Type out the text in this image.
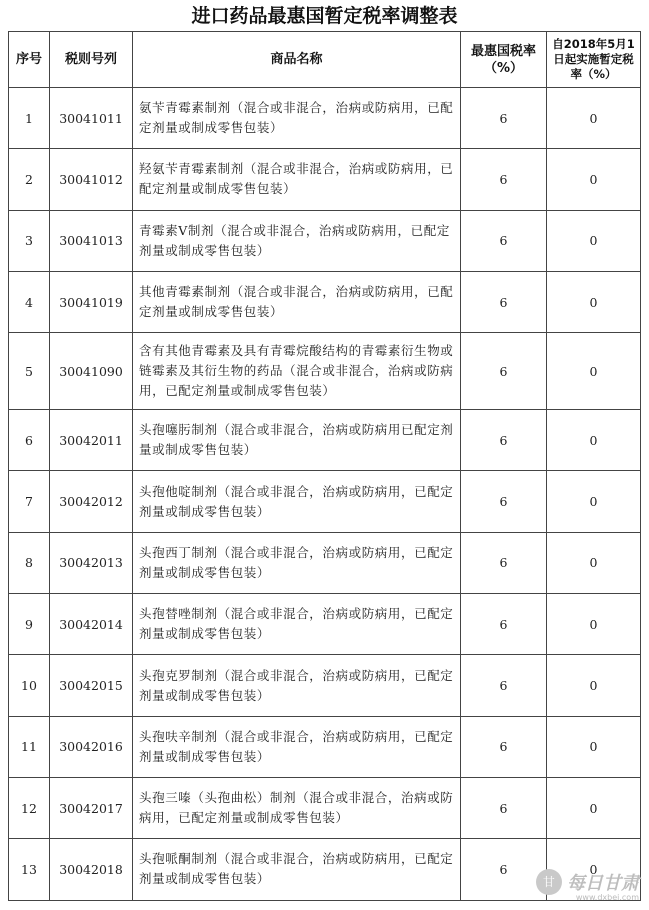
进口药品最惠国暂定税率调整表
序号	税则号列	商品名称	最惠国税率（%）	自2018年5月1日起实施暂定税率（%）
1	30041011	氨苄青霉素制剂（混合或非混合，治病或防病用，已配定剂量或制成零售包装）	6	0
2	30041012	羟氨苄青霉素制剂（混合或非混合，治病或防病用，已配定剂量或制成零售包装）	6	0
3	30041013	青霉素V制剂（混合或非混合，治病或防病用，已配定剂量或制成零售包装）	6	0
4	30041019	其他青霉素制剂（混合或非混合，治病或防病用，已配定剂量或制成零售包装）	6	0
5	30041090	含有其他青霉素及具有青霉烷酸结构的青霉素衍生物或链霉素及其衍生物的药品（混合或非混合，治病或防病用，已配定剂量或制成零售包装）	6	0
6	30042011	头孢噻肟制剂（混合或非混合，治病或防病用已配定剂量或制成零售包装）	6	0
7	30042012	头孢他啶制剂（混合或非混合，治病或防病用，已配定剂量或制成零售包装）	6	0
8	30042013	头孢西丁制剂（混合或非混合，治病或防病用，已配定剂量或制成零售包装）	6	0
9	30042014	头孢替唑制剂（混合或非混合，治病或防病用，已配定剂量或制成零售包装）	6	0
10	30042015	头孢克罗制剂（混合或非混合，治病或防病用，已配定剂量或制成零售包装）	6	0
11	30042016	头孢呋辛制剂（混合或非混合，治病或防病用，已配定剂量或制成零售包装）	6	0
12	30042017	头孢三嗪（头孢曲松）制剂（混合或非混合，治病或防病用，已配定剂量或制成零售包装）	6	0
13	30042018	头孢哌酮制剂（混合或非混合，治病或防病用，已配定剂量或制成零售包装）	6	0
甘 每日甘肃
www.dxbei.com
